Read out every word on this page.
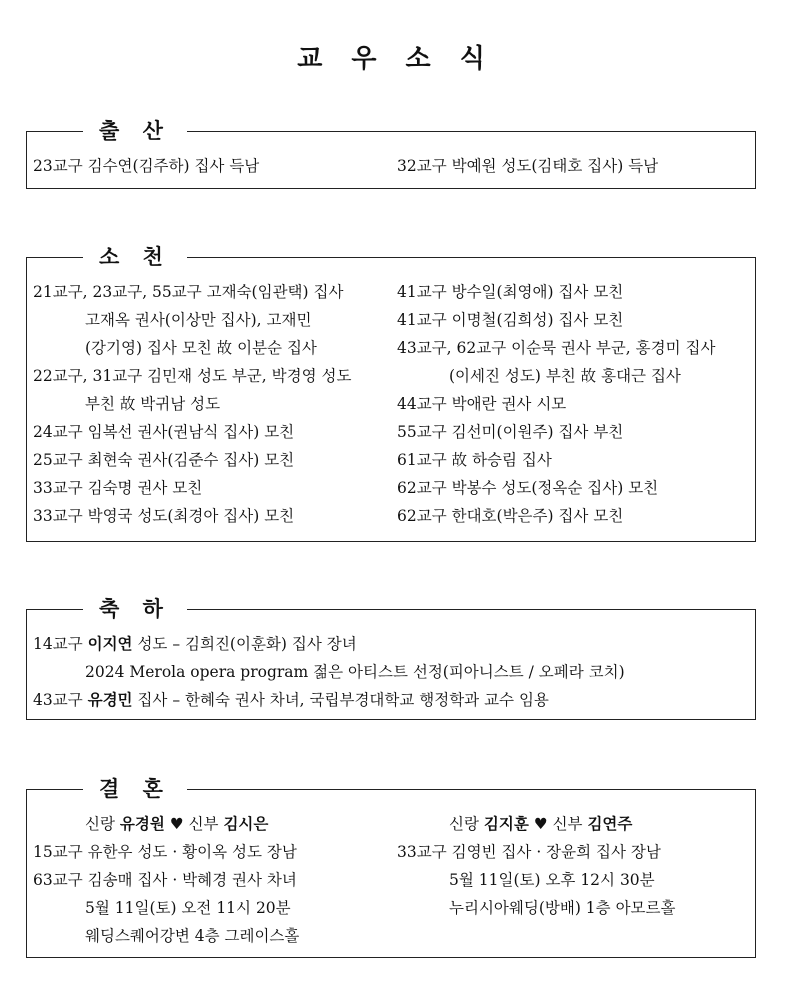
교 우 소 식
출 산
23교구 김수연(김주하) 집사 득남	32교구 박예원 성도(김태호 집사) 득남
소 천
21교구, 23교구, 55교구 고재숙(임관택) 집사
고재옥 권사(이상만 집사), 고재민
(강기영) 집사 모친 故 이분순 집사
22교구, 31교구 김민재 성도 부군, 박경영 성도
부친 故 박귀남 성도
24교구 임복선 권사(권남식 집사) 모친
25교구 최현숙 권사(김준수 집사) 모친
33교구 김숙명 권사 모친
33교구 박영국 성도(최경아 집사) 모친
41교구 방수일(최영애) 집사 모친
41교구 이명철(김희성) 집사 모친
43교구, 62교구 이순묵 권사 부군, 홍경미 집사
(이세진 성도) 부친 故 홍대근 집사
44교구 박애란 권사 시모
55교구 김선미(이원주) 집사 부친
61교구 故 하승림 집사
62교구 박봉수 성도(정옥순 집사) 모친
62교구 한대호(박은주) 집사 모친
축 하
14교구 이지연 성도 – 김희진(이훈화) 집사 장녀
2024 Merola opera program 젊은 아티스트 선정(피아니스트 / 오페라 코치)
43교구 유경민 집사 – 한혜숙 권사 차녀, 국립부경대학교 행정학과 교수 임용
결 혼
신랑 유경원 ♥ 신부 김시은
15교구 유한우 성도 · 황이옥 성도 장남
63교구 김송매 집사 · 박혜경 권사 차녀
5월 11일(토) 오전 11시 20분
웨딩스퀘어강변 4층 그레이스홀
신랑 김지훈 ♥ 신부 김연주
33교구 김영빈 집사 · 장윤희 집사 장남
5월 11일(토) 오후 12시 30분
누리시아웨딩(방배) 1층 아모르홀
